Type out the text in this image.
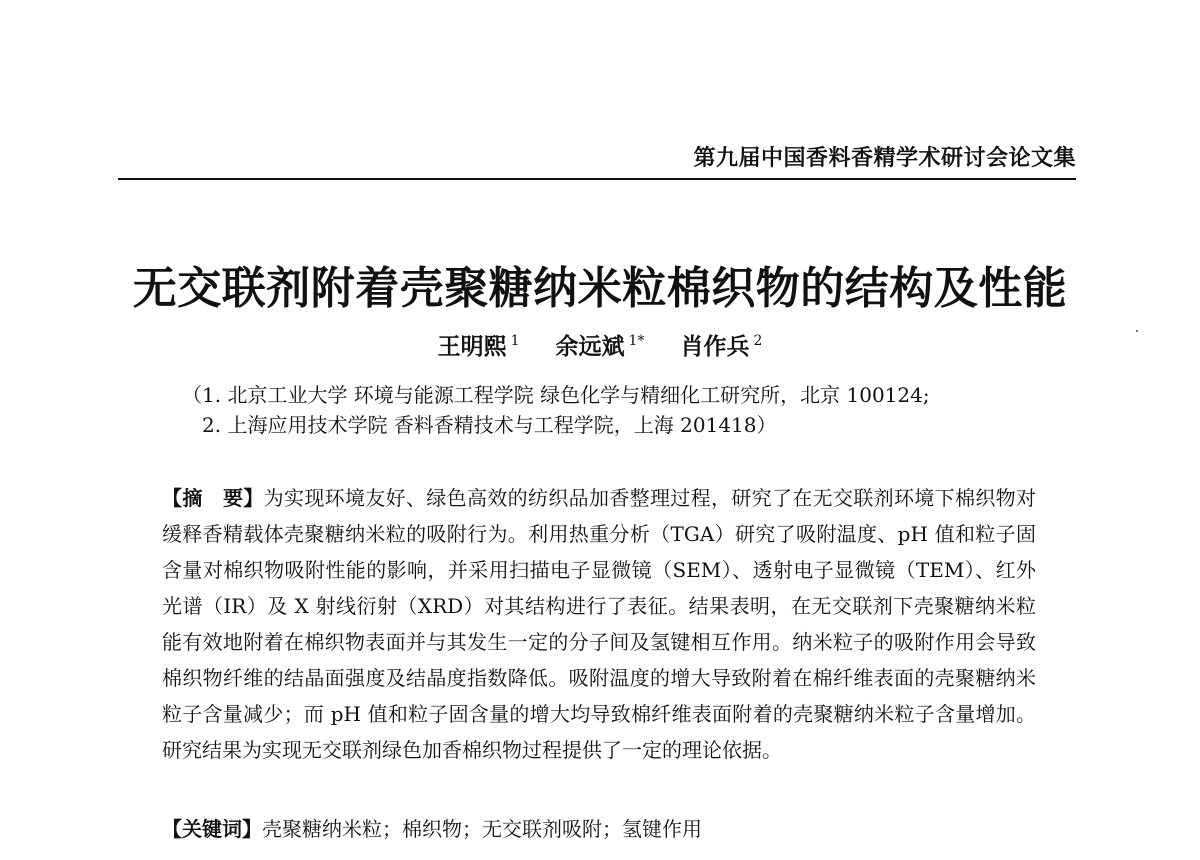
第九届中国香料香精学术研讨会论文集
无交联剂附着壳聚糖纳米粒棉织物的结构及性能
王明熙 $^1$ 余远斌 $^{1*}$ 肖作兵 $^2$
（1. 北京工业大学 环境与能源工程学院 绿色化学与精细化工研究所，北京 100124;
2. 上海应用技术学院 香料香精技术与工程学院，上海 201418）
【摘　要】为实现环境友好、绿色高效的纺织品加香整理过程，研究了在无交联剂环境下棉织物对缓释香精载体壳聚糖纳米粒的吸附行为。利用热重分析（TGA）研究了吸附温度、pH 值和粒子固含量对棉织物吸附性能的影响，并采用扫描电子显微镜（SEM）、透射电子显微镜（TEM）、红外光谱（IR）及 X 射线衍射（XRD）对其结构进行了表征。结果表明，在无交联剂下壳聚糖纳米粒能有效地附着在棉织物表面并与其发生一定的分子间及氢键相互作用。纳米粒子的吸附作用会导致棉织物纤维的结晶面强度及结晶度指数降低。吸附温度的增大导致附着在棉纤维表面的壳聚糖纳米粒子含量减少；而 pH 值和粒子固含量的增大均导致棉纤维表面附着的壳聚糖纳米粒子含量增加。研究结果为实现无交联剂绿色加香棉织物过程提供了一定的理论依据。
【关键词】壳聚糖纳米粒；棉织物；无交联剂吸附；氢键作用
